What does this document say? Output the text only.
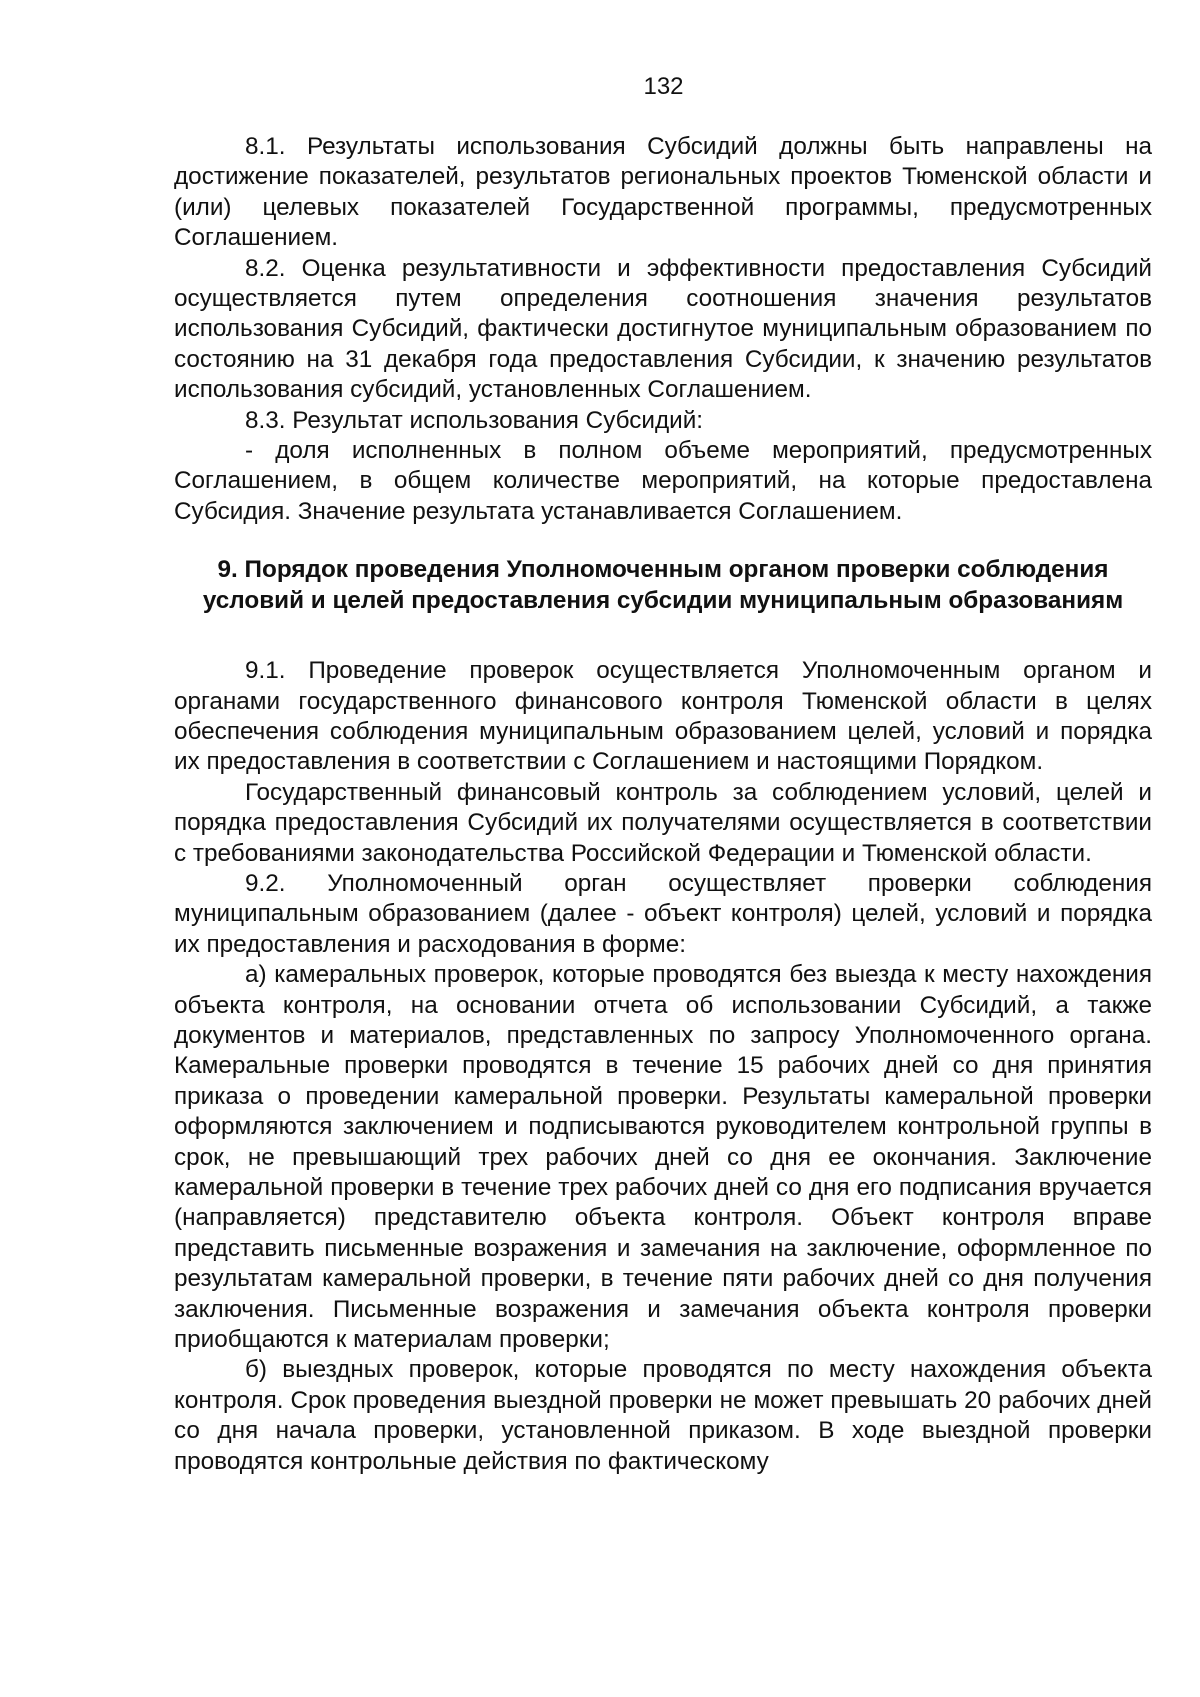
132

8.1. Результаты использования Субсидий должны быть направлены на достижение показателей, результатов региональных проектов Тюменской области и (или) целевых показателей Государственной программы, предусмотренных Соглашением.

8.2. Оценка результативности и эффективности предоставления Субсидий осуществляется путем определения соотношения значения результатов использования Субсидий, фактически достигнутое муниципальным образованием по состоянию на 31 декабря года предоставления Субсидии, к значению результатов использования субсидий, установленных Соглашением.

8.3. Результат использования Субсидий:

- доля исполненных в полном объеме мероприятий, предусмотренных Соглашением, в общем количестве мероприятий, на которые предоставлена Субсидия. Значение результата устанавливается Соглашением.

9. Порядок проведения Уполномоченным органом проверки соблюдения условий и целей предоставления субсидии муниципальным образованиям

9.1. Проведение проверок осуществляется Уполномоченным органом и органами государственного финансового контроля Тюменской области в целях обеспечения соблюдения муниципальным образованием целей, условий и порядка их предоставления в соответствии с Соглашением и настоящими Порядком.

Государственный финансовый контроль за соблюдением условий, целей и порядка предоставления Субсидий их получателями осуществляется в соответствии с требованиями законодательства Российской Федерации и Тюменской области.

9.2. Уполномоченный орган осуществляет проверки соблюдения муниципальным образованием (далее - объект контроля) целей, условий и порядка их предоставления и расходования в форме:

а) камеральных проверок, которые проводятся без выезда к месту нахождения объекта контроля, на основании отчета об использовании Субсидий, а также документов и материалов, представленных по запросу Уполномоченного органа. Камеральные проверки проводятся в течение 15 рабочих дней со дня принятия приказа о проведении камеральной проверки. Результаты камеральной проверки оформляются заключением и подписываются руководителем контрольной группы в срок, не превышающий трех рабочих дней со дня ее окончания. Заключение камеральной проверки в течение трех рабочих дней со дня его подписания вручается (направляется) представителю объекта контроля. Объект контроля вправе представить письменные возражения и замечания на заключение, оформленное по результатам камеральной проверки, в течение пяти рабочих дней со дня получения заключения. Письменные возражения и замечания объекта контроля проверки приобщаются к материалам проверки;

б) выездных проверок, которые проводятся по месту нахождения объекта контроля. Срок проведения выездной проверки не может превышать 20 рабочих дней со дня начала проверки, установленной приказом. В ходе выездной проверки проводятся контрольные действия по фактическому
